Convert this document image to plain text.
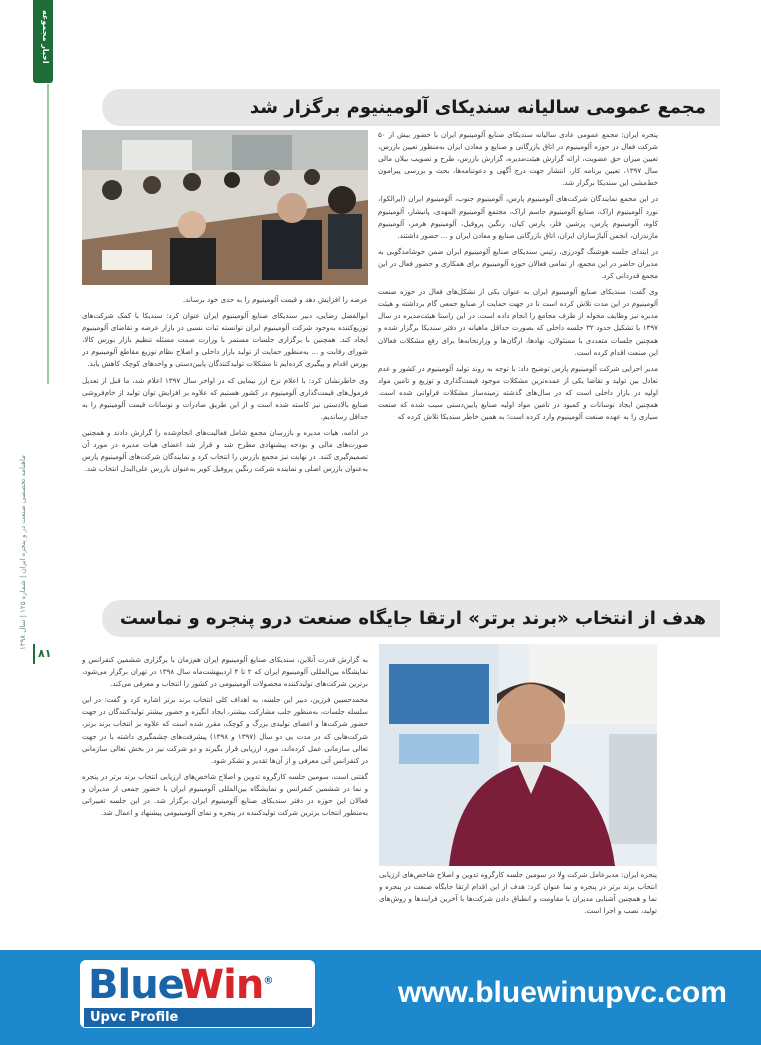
اخبار مجموعه
ماهنامه تخصصی صنعت در و پنجره ایران | شماره ۱۲۵ | سال ۱۳۹۸
۸۱
مجمع عمومی سالیانه سندیکای آلومینیوم برگزار شد

پنجره ایران: مجمع عمومی عادی سالیانه سندیکای صنایع آلومینیوم ایران با حضور بیش از ۵۰ شرکت فعال در حوزه آلومینیوم در اتاق بازرگانی و صنایع و معادن ایران به‌منظور تعیین بازرس، تعیین میزان حق عضویت، ارائه گزارش هیئت‌مدیره، گزارش بازرس، طرح و تصویب بیلان مالی سال ۱۳۹۷، تعیین برنامه کار، انتشار جهت درج آگهی و دعوتنامه‌ها، بحث و بررسی پیرامون خط‌مشی این سندیکا برگزار شد.

در این مجمع نمایندگان شرکت‌های آلومینیوم پارس، آلومینیوم جنوب، آلومینیوم ایران (ایرالکو)، نورد آلومینیوم اراک، صنایع آلومینیوم جاسم اراک، مجتمع آلومینیوم المهدی، پانیشار، آلومینیوم کاوه، آلومینیوم پارس، پرشین فلز، پارس کیان، رنگین پروفیل، آلومینیوم هرمز، آلومینیوم مازندران، انجمن آلیاژسازان ایران، اتاق بازرگانی صنایع و معادن ایران و ... حضور داشتند.

در ابتدای جلسه هوشنگ گودرزی، رئیس سندیکای صنایع آلومینیوم ایران ضمن خوشامدگویی به مدیران حاضر در این مجمع، از تمامی فعالان حوزه آلومینیوم برای همکاری و حضور فعال در این مجمع قدردانی کرد.

وی گفت: سندیکای صنایع آلومینیوم ایران به عنوان یکی از تشکل‌های فعال در حوزه صنعت آلومینیوم در این مدت تلاش کرده است تا در جهت حمایت از صنایع جمعی گام برداشته و هیئت مدیره نیز وظایف محوله از طرف مجامع را انجام داده است. در این راستا هیئت‌مدیره در سال ۱۳۹۷ با تشکیل حدود ۳۲ جلسه داخلی که بصورت حداقل ماهیانه در دفتر سندیکا برگزار شده و همچنین جلسات متعددی با مسئولان، نهادها، ارگان‌ها و وزارتخانه‌ها برای رفع مشکلات فعالان این صنعت اقدام کرده است.

مدیر اجرایی شرکت آلومینیوم پارس توضیح داد: با توجه به روند تولید آلومینیوم در کشور و عدم تعادل بین تولید و تقاضا یکی از عمده‌ترین مشکلات موجود قیمت‌گذاری و توزیع و تامین مواد اولیه در بازار داخلی است که در سال‌های گذشته زمینه‌ساز مشکلات فراوانی شده است. همچنین ایجاد نوسانات و کمبود در تامین مواد اولیه صنایع پایین‌دستی سبب شده که صنعت سیاری را به عهده صنعت آلومینیوم وارد کرده است؛ به همین خاطر سندیکا تلاش کرده که

عرضه را افزایش دهد و قیمت آلومینیوم را به حدی خود برساند.

ابوالفضل رضایی، دبیر سندیکای صنایع آلومینیوم ایران عنوان کرد: سندیکا با کمک شرکت‌های توزیع‌کننده به‌وجود شرکت آلومینیوم ایران توانسته ثبات نسبی در بازار عرضه و تقاضای آلومینیوم ایجاد کند. همچنین با برگزاری جلسات مستمر با وزارت صمت مسئله تنظیم بازار بورس کالا، شورای رقابت و ... به‌منظور حمایت از تولید بازار داخلی و اصلاح نظام توزیع مقاطع آلومینیوم در بورس اقدام و پیگیری کرده‌ایم تا مشکلات تولیدکنندگان پایین‌دستی و واحدهای کوچک کاهش یابد.

وی خاطرنشان کرد: با اعلام نرخ ارز نیمایی که در اواخر سال ۱۳۹۷ اعلام شد، ما قبل از تعدیل فرمول‌های قیمت‌گذاری آلومینیوم در کشور هستیم که علاوه بر افزایش توان تولید از خام‌فروشی صنایع بالادستی نیز کاسته شده است و از این طریق صادرات و نوسانات قیمت آلومینیوم را به حداقل رساندیم.

در ادامه، هیات مدیره و بازرسان مجمع شامل فعالیت‌های انجام‌شده را گزارش دادند و همچنین صورت‌های مالی و بودجه پیشنهادی مطرح شد و قرار شد اعضای هیات مدیره در مورد آن تصمیم‌گیری کنند. در نهایت نیز مجمع بازرس را انتخاب کرد و نمایندگان شرکت‌های آلومینیوم پارس به‌عنوان بازرس اصلی و نماینده شرکت رنگین پروفیل کویر به‌عنوان بازرس علی‌البدل انتخاب شد.

هدف از انتخاب «برند برتر» ارتقا جایگاه صنعت درو پنجره و نماست

به گزارش قدرت آنلاین، سندیکای صنایع آلومینیوم ایران هم‌زمان با برگزاری ششمین کنفرانس و نمایشگاه بین‌المللی آلومینیوم ایران که ۲ تا ۴ اردیبهشت‌ماه سال ۱۳۹۸ در تهران برگزار می‌شود، برترین شرکت‌های تولیدکننده محصولات آلومینیومی در کشور را انتخاب و معرفی می‌کند.

محمدحسین فرزین، دبیر این جلسه، به اهداف کلی انتخاب برند برتر اشاره کرد و گفت: در این سلسله جلسات، به‌منظور جلب مشارکت بیشتر، ایجاد انگیزه و حضور بیشتر تولیدکنندگان در جهت حضور شرکت‌ها و اعضای تولیدی بزرگ و کوچک، مقرر شده است که علاوه بر انتخاب برند برتر، شرکت‌هایی که در مدت یی دو سال (۱۳۹۷ و ۱۳۹۸) پیشرفت‌های چشمگیری داشته با در جهت تعالی سازمانی عمل کرده‌اند، مورد ارزیابی قرار بگیرند و دو شرکت نیز در بخش تعالی سازمانی در کنفرانس آتی معرفی و از آن‌ها تقدیر و تشکر شود.

گفتنی است، سومین جلسه کارگروه تدوین و اصلاح شاخص‌های ارزیابی انتخاب برند برتر در پنجره و نما در ششمین کنفرانس و نمایشگاه بین‌المللی آلومینیوم ایران با حضور جمعی از مدیران و فعالان این حوزه در دفتر سندیکای صنایع آلومینیوم ایران برگزار شد. در این جلسه تغییراتی به‌منظور انتخاب برترین شرکت تولیدکننده در پنجره و نمای آلومینیومی پیشنهاد و اعمال شد.

پنجره ایران: مدیرعامل شرکت وِلا در سومین جلسه کارگروه تدوین و اصلاح شاخص‌های ارزیابی انتخاب برند برتر در پنجره و نما عنوان کرد: هدف از این اقدام ارتقا جایگاه صنعت در پنجره و نما و همچنین آشنایی مدیران با مقاومت و انطباق دادن شرکت‌ها با آخرین فرایندها و روش‌های تولید، نصب و اجرا است.
Blue
Win®
Upvc Profile
www.bluewinupvc.com
